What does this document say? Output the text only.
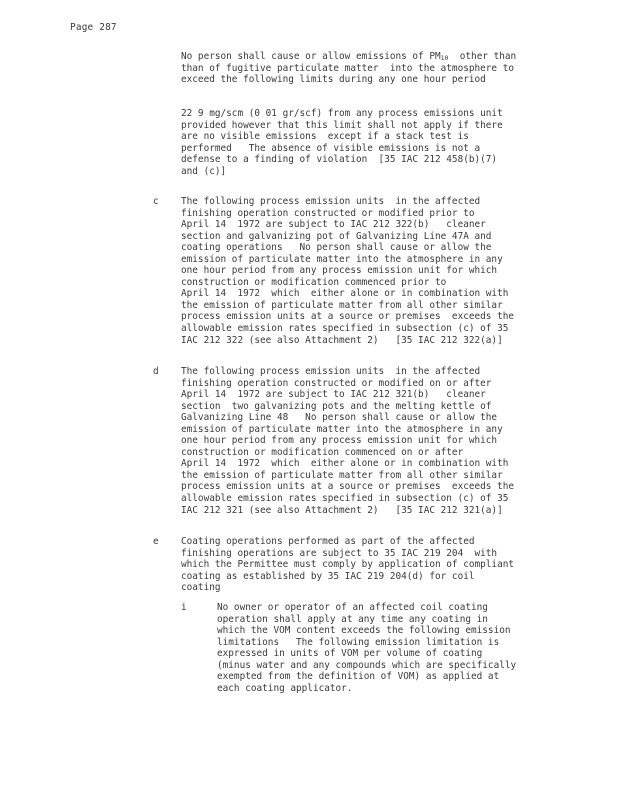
Page 287
No person shall cause or allow emissions of $PM_{10}$  other than
than of fugitive particulate matter  into the atmosphere to
exceed the following limits during any one hour period
22 9 mg/scm (0 01 gr/scf) from any process emissions unit
provided however that this limit shall not apply if there
are no visible emissions  except if a stack test is
performed   The absence of visible emissions is not a
defense to a finding of violation  [35 IAC 212 458(b)(7)
and (c)]
c The following process emission units  in the affected
finishing operation constructed or modified prior to
April 14  1972 are subject to IAC 212 322(b)   cleaner
section and galvanizing pot of Galvanizing Line 47A and
coating operations   No person shall cause or allow the
emission of particulate matter into the atmosphere in any
one hour period from any process emission unit for which
construction or modification commenced prior to
April 14  1972  which  either alone or in combination with
the emission of particulate matter from all other similar
process emission units at a source or premises  exceeds the
allowable emission rates specified in subsection (c) of 35
IAC 212 322 (see also Attachment 2)   [35 IAC 212 322(a)]
d The following process emission units  in the affected
finishing operation constructed or modified on or after
April 14  1972 are subject to IAC 212 321(b)   cleaner
section  two galvanizing pots and the melting kettle of
Galvanizing Line 48   No person shall cause or allow the
emission of particulate matter into the atmosphere in any
one hour period from any process emission unit for which
construction or modification commenced on or after
April 14  1972  which  either alone or in combination with
the emission of particulate matter from all other similar
process emission units at a source or premises  exceeds the
allowable emission rates specified in subsection (c) of 35
IAC 212 321 (see also Attachment 2)   [35 IAC 212 321(a)]
e Coating operations performed as part of the affected
finishing operations are subject to 35 IAC 219 204  with
which the Permittee must comply by application of compliant
coating as established by 35 IAC 219 204(d) for coil
coating
i	No owner or operator of an affected coil coating
operation shall apply at any time any coating in
which the VOM content exceeds the following emission
limitations   The following emission limitation is
expressed in units of VOM per volume of coating
(minus water and any compounds which are specifically
exempted from the definition of VOM) as applied at
each coating applicator.
